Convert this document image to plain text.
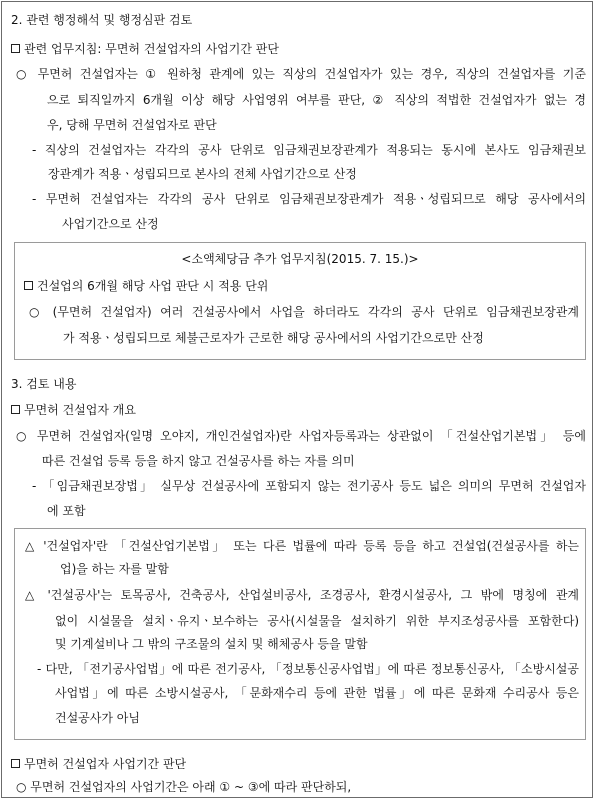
2. 관련 행정해석 및 행정심판 검토
관련 업무지침: 무면허 건설업자의 사업기간 판단
○ 무면허 건설업자는 ① 원하청 관계에 있는 직상의 건설업자가 있는 경우, 직상의 건설업자를 기준
으로 퇴직일까지 6개월 이상 해당 사업영위 여부를 판단, ② 직상의 적법한 건설업자가 없는 경
우, 당해 무면허 건설업자로 판단
- 직상의 건설업자는 각각의 공사 단위로 임금채권보장관계가 적용되는 동시에 본사도 임금채권보
장관계가 적용ㆍ성립되므로 본사의 전체 사업기간으로 산정
- 무면허 건설업자는 각각의 공사 단위로 임금채권보장관계가 적용ㆍ성립되므로 해당 공사에서의
사업기간으로 산정
<소액체당금 추가 업무지침(2015. 7. 15.)>
건설업의 6개월 해당 사업 판단 시 적용 단위
○ (무면허 건설업자) 여러 건설공사에서 사업을 하더라도 각각의 공사 단위로 임금채권보장관계
가 적용ㆍ성립되므로 체불근로자가 근로한 해당 공사에서의 사업기간으로만 산정
3. 검토 내용
무면허 건설업자 개요
○ 무면허 건설업자(일명 오야지, 개인건설업자)란 사업자등록과는 상관없이 「건설산업기본법」 등에
따른 건설업 등록 등을 하지 않고 건설공사를 하는 자를 의미
- 「임금채권보장법」 실무상 건설공사에 포함되지 않는 전기공사 등도 넓은 의미의 무면허 건설업자
에 포함
△ '건설업자'란 「건설산업기본법」 또는 다른 법률에 따라 등록 등을 하고 건설업(건설공사를 하는
업)을 하는 자를 말함
△ '건설공사'는 토목공사, 건축공사, 산업설비공사, 조경공사, 환경시설공사, 그 밖에 명칭에 관계
없이 시설물을 설치ㆍ유지ㆍ보수하는 공사(시설물을 설치하기 위한 부지조성공사를 포함한다)
및 기계설비나 그 밖의 구조물의 설치 및 해체공사 등을 말함
- 다만, 「전기공사업법」에 따른 전기공사, 「정보통신공사업법」에 따른 정보통신공사, 「소방시설공
사업법」에 따른 소방시설공사, 「문화재수리 등에 관한 법률」에 따른 문화재 수리공사 등은
건설공사가 아님
무면허 건설업자 사업기간 판단
○ 무면허 건설업자의 사업기간은 아래 ① ~ ③에 따라 판단하되,
